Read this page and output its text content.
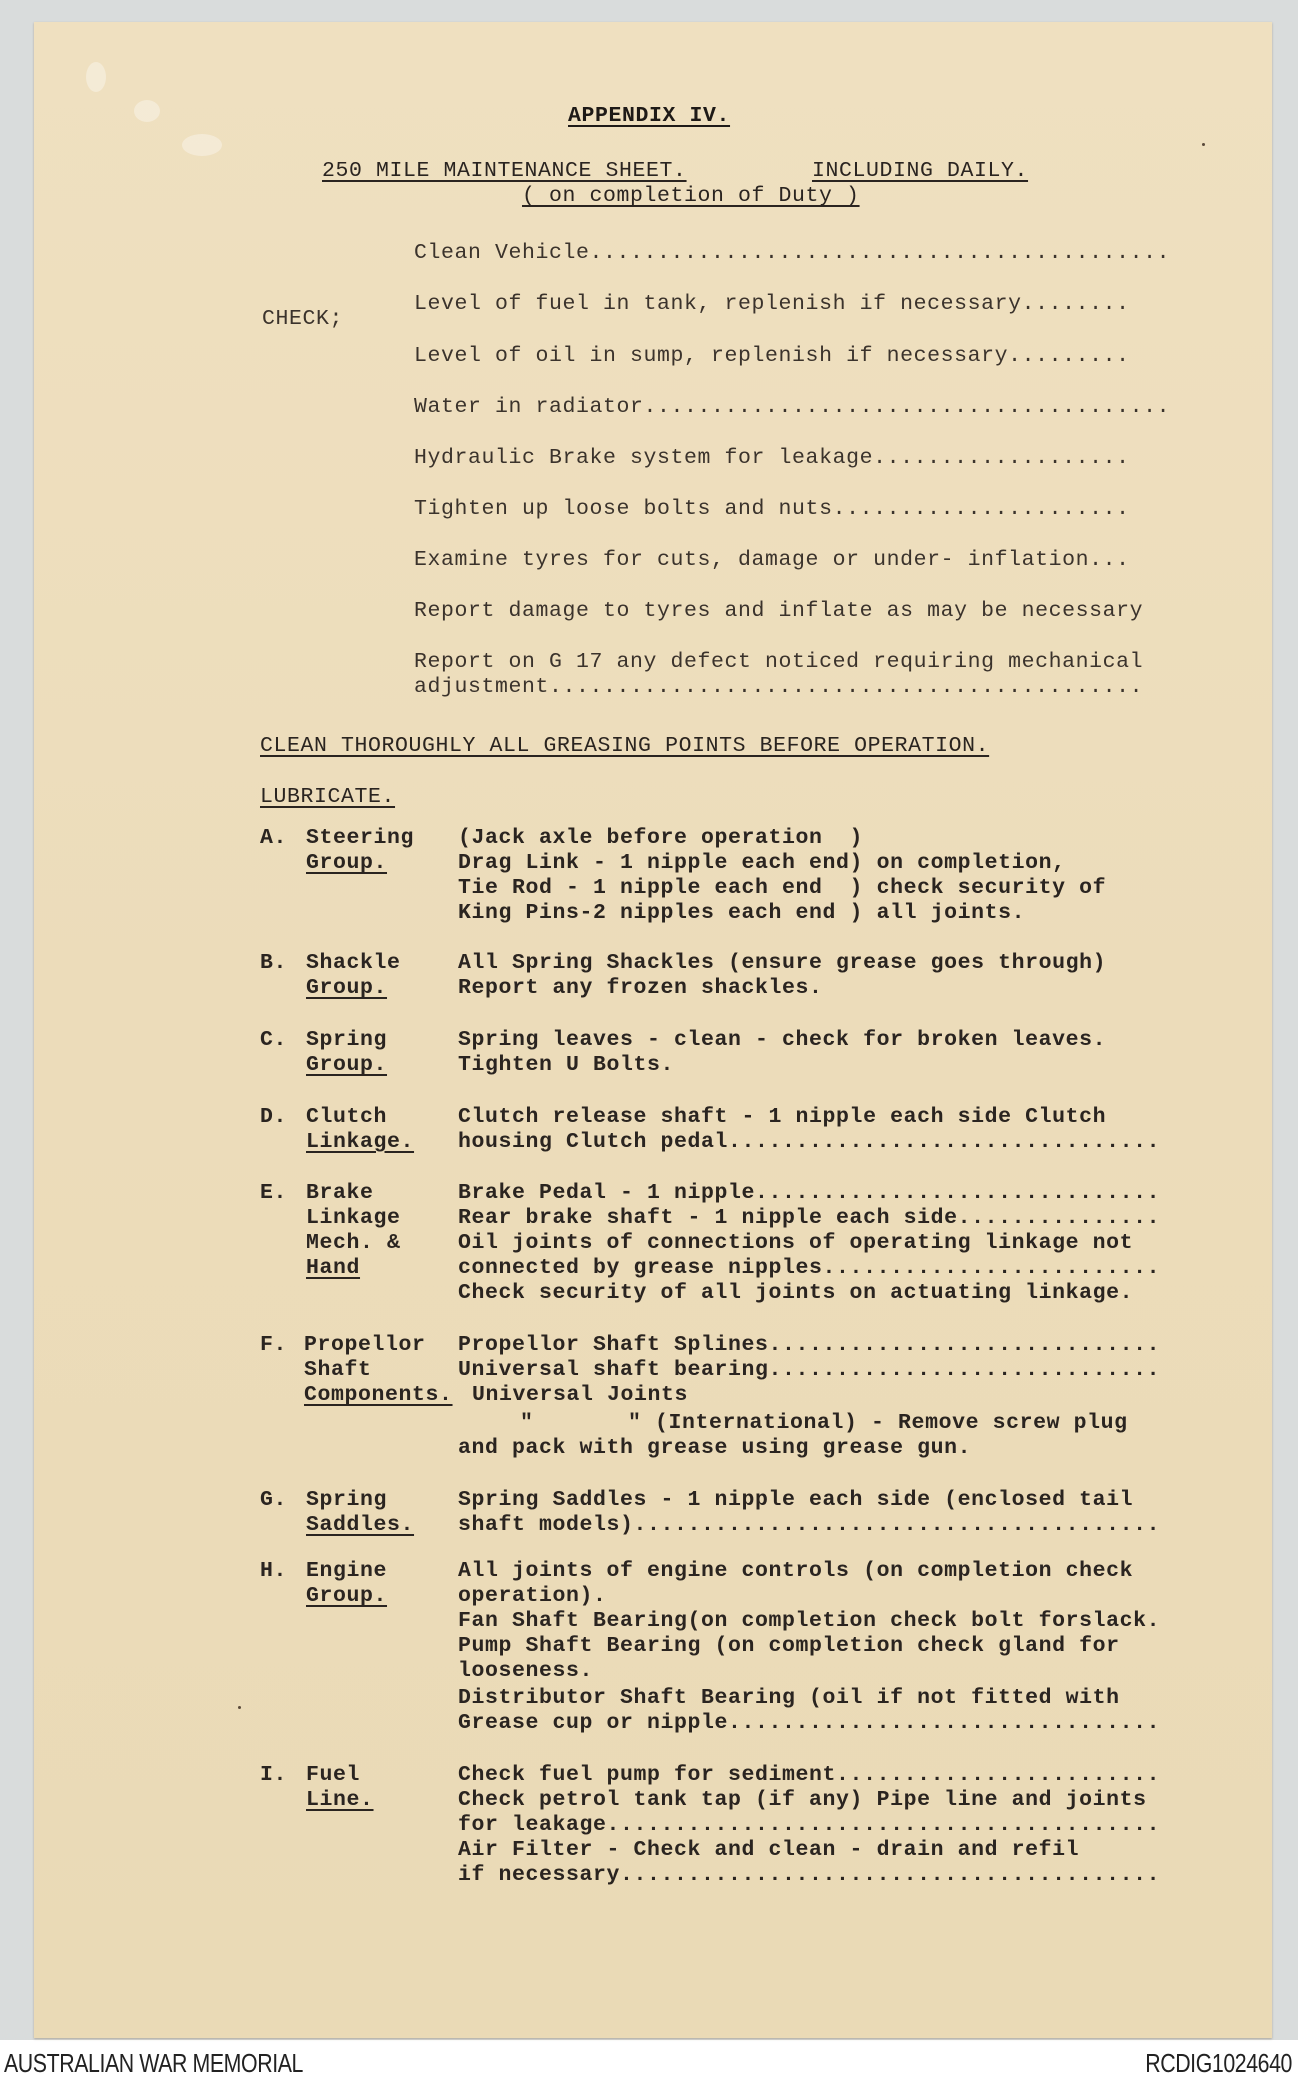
APPENDIX IV.
250 MILE MAINTENANCE SHEET.	INCLUDING DAILY.
( on completion of Duty )
CHECK;
Clean Vehicle...........................................
Level of fuel in tank, replenish if necessary........
Level of oil in sump, replenish if necessary.........
Water in radiator.......................................
Hydraulic Brake system for leakage...................
Tighten up loose bolts and nuts......................
Examine tyres for cuts, damage or under- inflation...
Report damage to tyres and inflate as may be necessary
Report on G 17 any defect noticed requiring mechanical
adjustment............................................
CLEAN THOROUGHLY ALL GREASING POINTS BEFORE OPERATION.
LUBRICATE.
A. Steering
Group.
(Jack axle before operation  )
Drag Link - 1 nipple each end) on completion,
Tie Rod - 1 nipple each end  ) check security of
King Pins-2 nipples each end ) all joints.
B. Shackle
Group.
All Spring Shackles (ensure grease goes through)
Report any frozen shackles.
C. Spring
Group.
Spring leaves - clean - check for broken leaves.
Tighten U Bolts.
D. Clutch
Linkage.
Clutch release shaft - 1 nipple each side Clutch
housing Clutch pedal................................
E. Brake
Linkage
Mech. &
Hand
Brake Pedal - 1 nipple..............................
Rear brake shaft - 1 nipple each side...............
Oil joints of connections of operating linkage not
connected by grease nipples.........................
Check security of all joints on actuating linkage.
F. Propellor
Shaft
Components.
Propellor Shaft Splines.............................
Universal shaft bearing.............................
Universal Joints
"       " (International) - Remove screw plug
and pack with grease using grease gun.
G. Spring
Saddles.
Spring Saddles - 1 nipple each side (enclosed tail
shaft models).......................................
H. Engine
Group.
All joints of engine controls (on completion check
operation).
Fan Shaft Bearing(on completion check bolt forslack.
Pump Shaft Bearing (on completion check gland for
looseness.
Distributor Shaft Bearing (oil if not fitted with
Grease cup or nipple................................
I. Fuel
Line.
Check fuel pump for sediment........................
Check petrol tank tap (if any) Pipe line and joints
for leakage.........................................
Air Filter - Check and clean - drain and refil
if necessary........................................
AUSTRALIAN WAR MEMORIAL	RCDIG1024640
